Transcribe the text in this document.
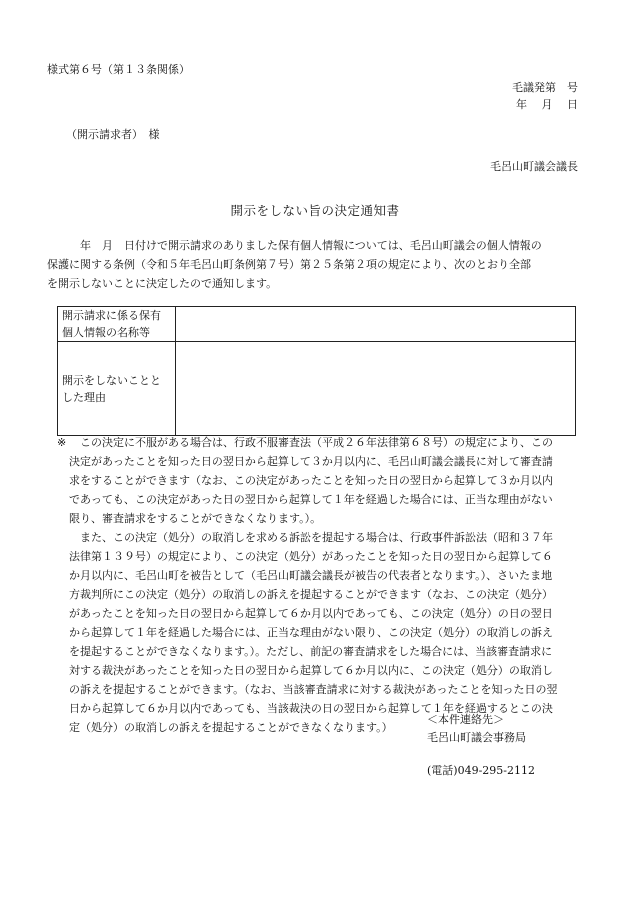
様式第６号（第１３条関係）
毛議発第　号
年　 月　 日
（開示請求者）　様
毛呂山町議会議長
開示をしない旨の決定通知書

年　月　日付けで開示請求のありました保有個人情報については、毛呂山町議会の個人情報の

保護に関する条例（令和５年毛呂山町条例第７号）第２５条第２項の規定により、次のとおり全部

を開示しないことに決定したので通知します。

開示請求に係る保有
個人情報の名称等	

開示をしないことと
した理由	

※	この決定に不服がある場合は、行政不服審査法（平成２６年法律第６８号）の規定により、この
決定があったことを知った日の翌日から起算して３か月以内に、毛呂山町議会議長に対して審査請
求をすることができます（なお、この決定があったことを知った日の翌日から起算して３か月以内
であっても、この決定があった日の翌日から起算して１年を経過した場合には、正当な理由がない
限り、審査請求をすることができなくなります。）。
また、この決定（処分）の取消しを求める訴訟を提起する場合は、行政事件訴訟法（昭和３７年
法律第１３９号）の規定により、この決定（処分）があったことを知った日の翌日から起算して６
か月以内に、毛呂山町を被告として（毛呂山町議会議長が被告の代表者となります。）、さいたま地
方裁判所にこの決定（処分）の取消しの訴えを提起することができます（なお、この決定（処分）
があったことを知った日の翌日から起算して６か月以内であっても、この決定（処分）の日の翌日
から起算して１年を経過した場合には、正当な理由がない限り、この決定（処分）の取消しの訴え
を提起することができなくなります。）。ただし、前記の審査請求をした場合には、当該審査請求に
対する裁決があったことを知った日の翌日から起算して６か月以内に、この決定（処分）の取消し
の訴えを提起することができます。（なお、当該審査請求に対する裁決があったことを知った日の翌
日から起算して６か月以内であっても、当該裁決の日の翌日から起算して１年を経過するとこの決
定（処分）の取消しの訴えを提起することができなくなります。）
＜本件連絡先＞
毛呂山町議会事務局
(電話)049-295-2112
